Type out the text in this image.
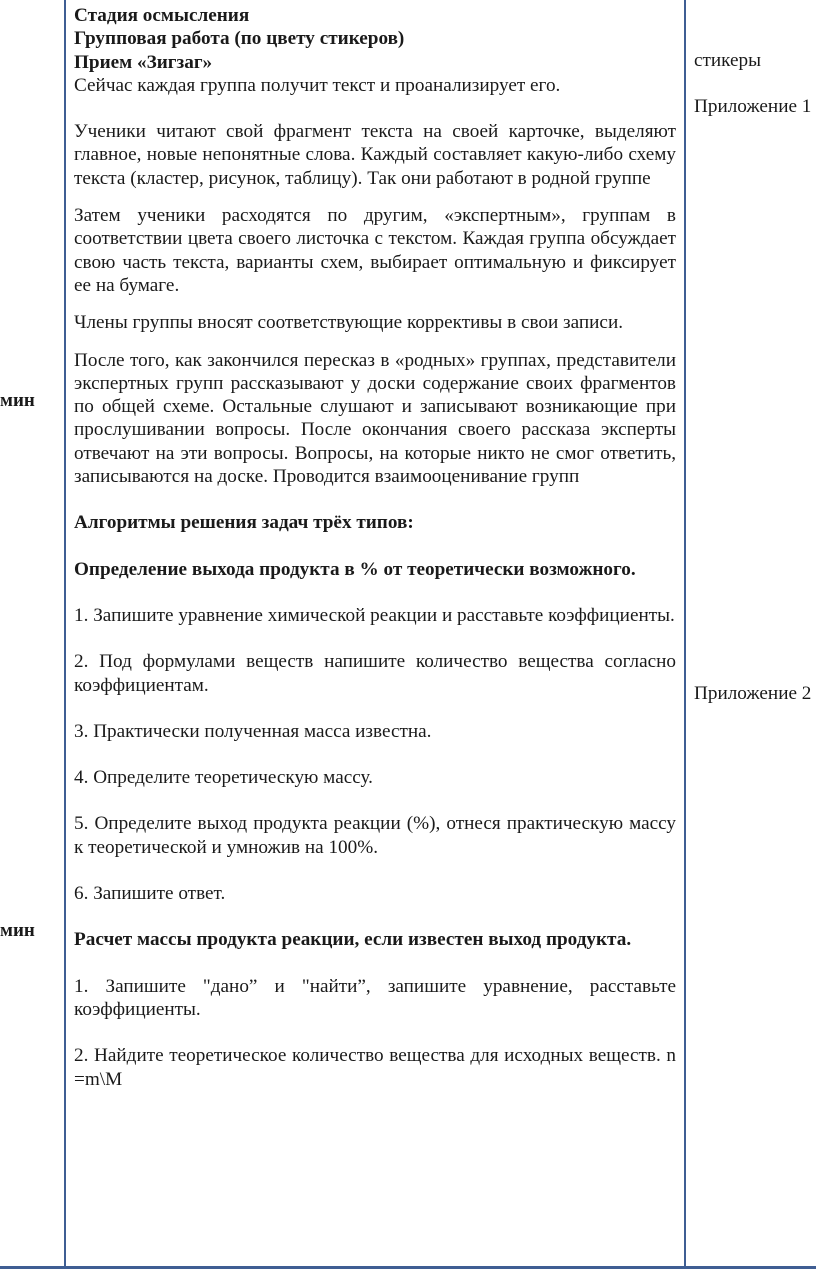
мин
мин

Стадия осмысления

Групповая работа (по цвету стикеров)

Прием «Зигзаг»

Сейчас каждая группа получит текст и проанализирует его.

Ученики читают свой фрагмент текста на своей карточке, выделяют главное, новые непонятные слова. Каждый составляет какую-либо схему текста (кластер, рисунок, таблицу). Так они работают в родной группе

Затем ученики расходятся по другим, «экспертным», группам в соответствии цвета своего листочка с текстом. Каждая группа обсуждает свою часть текста, варианты схем, выбирает оптимальную и фиксирует ее на бумаге.

Члены группы вносят соответствующие коррективы в свои записи.

После того, как закончился пересказ в «родных» группах, представители экспертных групп рассказывают у доски содержание своих фрагментов по общей схеме. Остальные слушают и записывают возникающие при прослушивании вопросы. После окончания своего рассказа эксперты отвечают на эти вопросы. Вопросы, на которые никто не смог ответить, записываются на доске. Проводится взаимооценивание групп

Алгоритмы решения задач трёх типов:

Определение выхода продукта в % от теоретически возможного.

1. Запишите уравнение химической реакции и расставьте коэффициенты.

2. Под формулами веществ напишите количество вещества согласно коэффициентам.

3. Практически полученная масса известна.

4. Определите теоретическую массу.

5. Определите выход продукта реакции (%), отнеся практическую массу к теоретической и умножив на 100%.

6. Запишите ответ.

Расчет массы продукта реакции, если известен выход продукта.

1. Запишите "дано” и "найти”, запишите уравнение, расставьте коэффициенты.

2. Найдите теоретическое количество вещества для исходных веществ. n =m\M

стикеры
Приложение 1
Приложение 2
